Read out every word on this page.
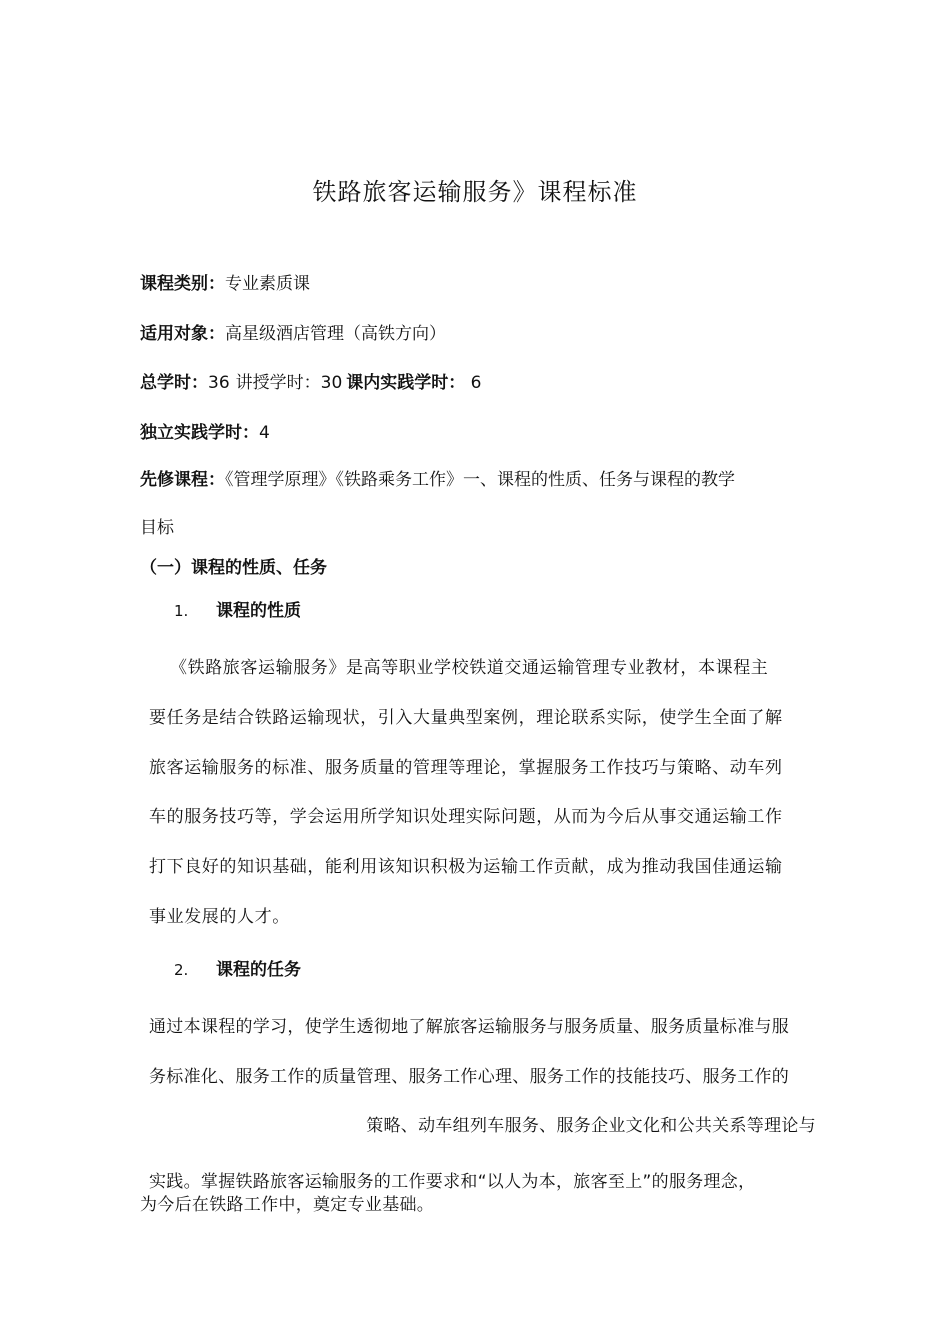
铁路旅客运输服务》课程标准
课程类别：专业素质课
适用对象：高星级酒店管理（高铁方向）
总学时：36 讲授学时：30 课内实践学时： 6
独立实践学时：4
先修课程：《管理学原理》《铁路乘务工作》一、课程的性质、任务与课程的教学
目标
（一）课程的性质、任务
1. 课程的性质
《铁路旅客运输服务》是高等职业学校铁道交通运输管理专业教材，本课程主
要任务是结合铁路运输现状，引入大量典型案例，理论联系实际，使学生全面了解
旅客运输服务的标准、服务质量的管理等理论，掌握服务工作技巧与策略、动车列
车的服务技巧等，学会运用所学知识处理实际问题，从而为今后从事交通运输工作
打下良好的知识基础，能利用该知识积极为运输工作贡献，成为推动我国佳通运输
事业发展的人才。
2. 课程的任务
通过本课程的学习，使学生透彻地了解旅客运输服务与服务质量、服务质量标准与服
务标准化、服务工作的质量管理、服务工作心理、服务工作的技能技巧、服务工作的
策略、动车组列车服务、服务企业文化和公共关系等理论与
实践。掌握铁路旅客运输服务的工作要求和“以人为本，旅客至上”的服务理念，
为今后在铁路工作中，奠定专业基础。
